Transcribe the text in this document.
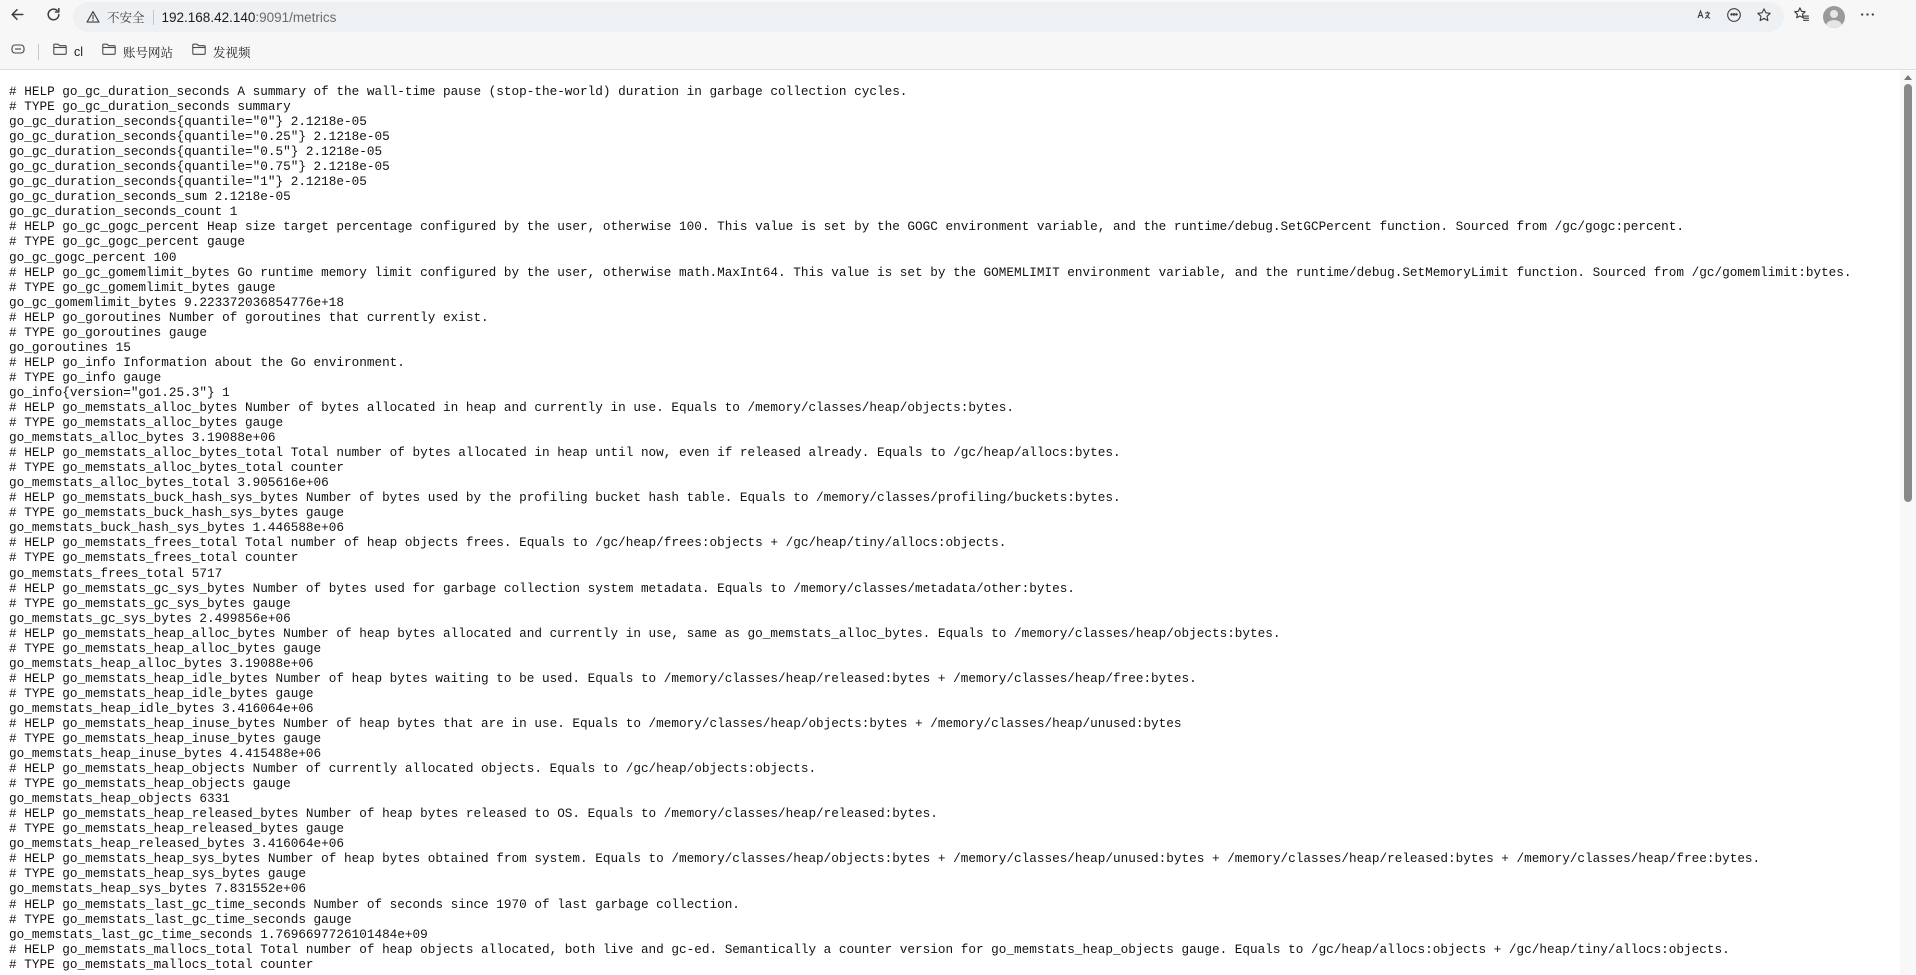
不安全 192.168.42.140 :9091/metrics
cl	账号网站	发视频
# HELP go_gc_duration_seconds A summary of the wall-time pause (stop-the-world) duration in garbage collection cycles.
# TYPE go_gc_duration_seconds summary
go_gc_duration_seconds{quantile="0"} 2.1218e-05
go_gc_duration_seconds{quantile="0.25"} 2.1218e-05
go_gc_duration_seconds{quantile="0.5"} 2.1218e-05
go_gc_duration_seconds{quantile="0.75"} 2.1218e-05
go_gc_duration_seconds{quantile="1"} 2.1218e-05
go_gc_duration_seconds_sum 2.1218e-05
go_gc_duration_seconds_count 1
# HELP go_gc_gogc_percent Heap size target percentage configured by the user, otherwise 100. This value is set by the GOGC environment variable, and the runtime/debug.SetGCPercent function. Sourced from /gc/gogc:percent.
# TYPE go_gc_gogc_percent gauge
go_gc_gogc_percent 100
# HELP go_gc_gomemlimit_bytes Go runtime memory limit configured by the user, otherwise math.MaxInt64. This value is set by the GOMEMLIMIT environment variable, and the runtime/debug.SetMemoryLimit function. Sourced from /gc/gomemlimit:bytes.
# TYPE go_gc_gomemlimit_bytes gauge
go_gc_gomemlimit_bytes 9.223372036854776e+18
# HELP go_goroutines Number of goroutines that currently exist.
# TYPE go_goroutines gauge
go_goroutines 15
# HELP go_info Information about the Go environment.
# TYPE go_info gauge
go_info{version="go1.25.3"} 1
# HELP go_memstats_alloc_bytes Number of bytes allocated in heap and currently in use. Equals to /memory/classes/heap/objects:bytes.
# TYPE go_memstats_alloc_bytes gauge
go_memstats_alloc_bytes 3.19088e+06
# HELP go_memstats_alloc_bytes_total Total number of bytes allocated in heap until now, even if released already. Equals to /gc/heap/allocs:bytes.
# TYPE go_memstats_alloc_bytes_total counter
go_memstats_alloc_bytes_total 3.905616e+06
# HELP go_memstats_buck_hash_sys_bytes Number of bytes used by the profiling bucket hash table. Equals to /memory/classes/profiling/buckets:bytes.
# TYPE go_memstats_buck_hash_sys_bytes gauge
go_memstats_buck_hash_sys_bytes 1.446588e+06
# HELP go_memstats_frees_total Total number of heap objects frees. Equals to /gc/heap/frees:objects + /gc/heap/tiny/allocs:objects.
# TYPE go_memstats_frees_total counter
go_memstats_frees_total 5717
# HELP go_memstats_gc_sys_bytes Number of bytes used for garbage collection system metadata. Equals to /memory/classes/metadata/other:bytes.
# TYPE go_memstats_gc_sys_bytes gauge
go_memstats_gc_sys_bytes 2.499856e+06
# HELP go_memstats_heap_alloc_bytes Number of heap bytes allocated and currently in use, same as go_memstats_alloc_bytes. Equals to /memory/classes/heap/objects:bytes.
# TYPE go_memstats_heap_alloc_bytes gauge
go_memstats_heap_alloc_bytes 3.19088e+06
# HELP go_memstats_heap_idle_bytes Number of heap bytes waiting to be used. Equals to /memory/classes/heap/released:bytes + /memory/classes/heap/free:bytes.
# TYPE go_memstats_heap_idle_bytes gauge
go_memstats_heap_idle_bytes 3.416064e+06
# HELP go_memstats_heap_inuse_bytes Number of heap bytes that are in use. Equals to /memory/classes/heap/objects:bytes + /memory/classes/heap/unused:bytes
# TYPE go_memstats_heap_inuse_bytes gauge
go_memstats_heap_inuse_bytes 4.415488e+06
# HELP go_memstats_heap_objects Number of currently allocated objects. Equals to /gc/heap/objects:objects.
# TYPE go_memstats_heap_objects gauge
go_memstats_heap_objects 6331
# HELP go_memstats_heap_released_bytes Number of heap bytes released to OS. Equals to /memory/classes/heap/released:bytes.
# TYPE go_memstats_heap_released_bytes gauge
go_memstats_heap_released_bytes 3.416064e+06
# HELP go_memstats_heap_sys_bytes Number of heap bytes obtained from system. Equals to /memory/classes/heap/objects:bytes + /memory/classes/heap/unused:bytes + /memory/classes/heap/released:bytes + /memory/classes/heap/free:bytes.
# TYPE go_memstats_heap_sys_bytes gauge
go_memstats_heap_sys_bytes 7.831552e+06
# HELP go_memstats_last_gc_time_seconds Number of seconds since 1970 of last garbage collection.
# TYPE go_memstats_last_gc_time_seconds gauge
go_memstats_last_gc_time_seconds 1.7696697726101484e+09
# HELP go_memstats_mallocs_total Total number of heap objects allocated, both live and gc-ed. Semantically a counter version for go_memstats_heap_objects gauge. Equals to /gc/heap/allocs:objects + /gc/heap/tiny/allocs:objects.
# TYPE go_memstats_mallocs_total counter
